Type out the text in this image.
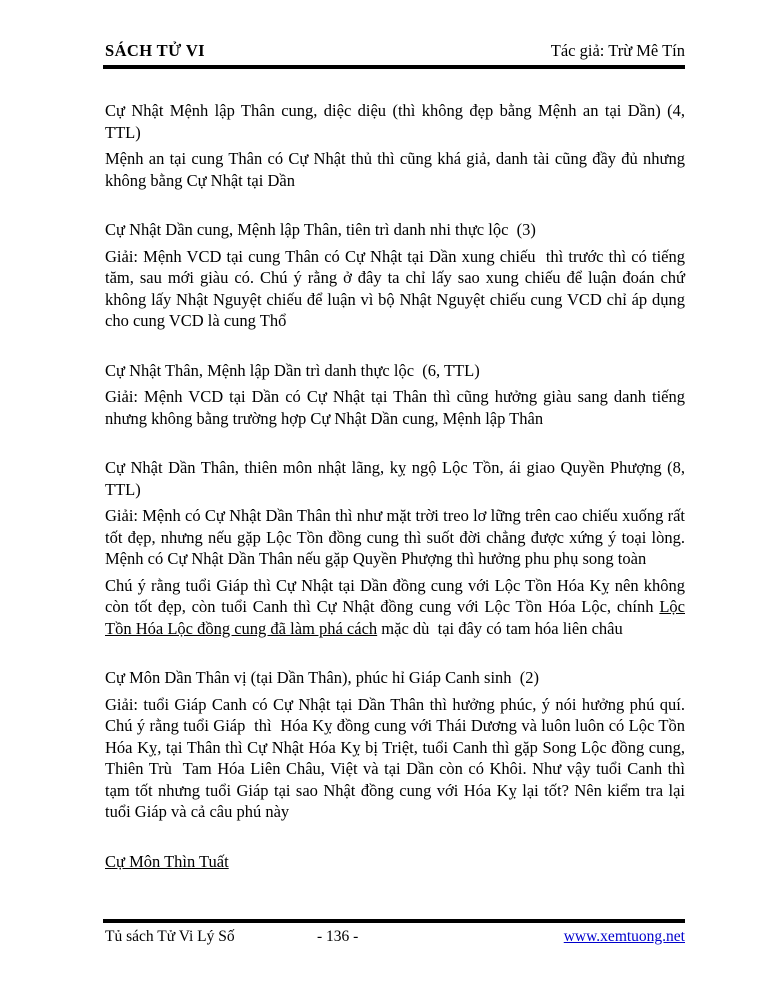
SÁCH TỬ VI	Tác giả: Trừ Mê Tín

Cự Nhật Mệnh lập Thân cung, diệc diệu (thì không đẹp bằng Mệnh an tại Dần) (4, TTL)

Mệnh an tại cung Thân có Cự Nhật thủ thì cũng khá giả, danh tài cũng đầy đủ nhưng không bằng Cự Nhật tại Dần

Cự Nhật Dần cung, Mệnh lập Thân, tiên trì danh nhi thực lộc  (3)

Giải: Mệnh VCD tại cung Thân có Cự Nhật tại Dần xung chiếu  thì trước thì có tiếng tăm, sau mới giàu có. Chú ý rằng ở đây ta chỉ lấy sao xung chiếu để luận đoán chứ không lấy Nhật Nguyệt chiếu để luận vì bộ Nhật Nguyệt chiếu cung VCD chỉ áp dụng cho cung VCD là cung Thổ

Cự Nhật Thân, Mệnh lập Dần trì danh thực lộc  (6, TTL)

Giải: Mệnh VCD tại Dần có Cự Nhật tại Thân thì cũng hưởng giàu sang danh tiếng nhưng không bằng trường hợp Cự Nhật Dần cung, Mệnh lập Thân

Cự Nhật Dần Thân, thiên môn nhật lãng, kỵ ngộ Lộc Tồn, ái giao Quyền Phượng (8, TTL)

Giải: Mệnh có Cự Nhật Dần Thân thì như mặt trời treo lơ lững trên cao chiếu xuống rất tốt đẹp, nhưng nếu gặp Lộc Tồn đồng cung thì suốt đời chẳng được xứng ý toại lòng. Mệnh có Cự Nhật Dần Thân nếu gặp Quyền Phượng thì hưởng phu phụ song toàn

Chú ý rằng tuổi Giáp thì Cự Nhật tại Dần đồng cung với Lộc Tồn Hóa Kỵ nên không còn tốt đẹp, còn tuổi Canh thì Cự Nhật đồng cung với Lộc Tồn Hóa Lộc, chính Lộc Tồn Hóa Lộc đồng cung đã làm phá cách mặc dù  tại đây có tam hóa liên châu

Cự Môn Dần Thân vị (tại Dần Thân), phúc hỉ Giáp Canh sinh  (2)

Giải: tuổi Giáp Canh có Cự Nhật tại Dần Thân thì hưởng phúc, ý nói hưởng phú quí. Chú ý rằng tuổi Giáp  thì  Hóa Kỵ đồng cung với Thái Dương và luôn luôn có Lộc Tồn Hóa Kỵ, tại Thân thì Cự Nhật Hóa Kỵ bị Triệt, tuổi Canh thì gặp Song Lộc đồng cung, Thiên Trù  Tam Hóa Liên Châu, Việt và tại Dần còn có Khôi. Như vậy tuổi Canh thì tạm tốt nhưng tuổi Giáp tại sao Nhật đồng cung với Hóa Kỵ lại tốt? Nên kiểm tra lại tuổi Giáp và cả câu phú này

Cự Môn Thìn Tuất

Tủ sách Tử Vi Lý Số	- 136 -	www.xemtuong.net
